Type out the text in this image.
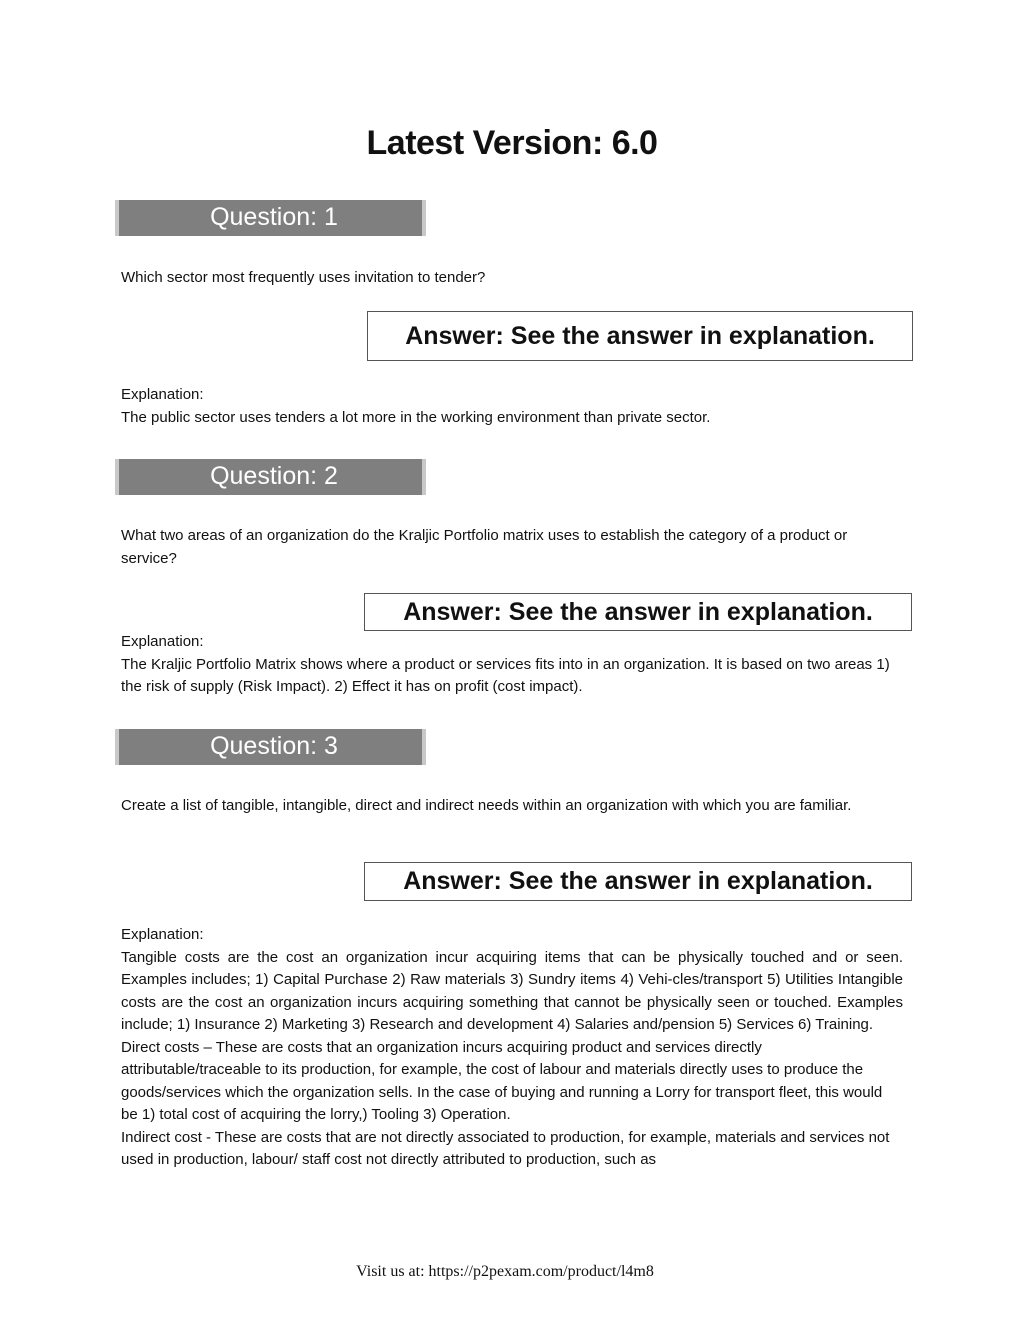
Latest Version: 6.0
Question: 1
Which sector most frequently uses invitation to tender?
Answer: See the answer in explanation.
Explanation:
The public sector uses tenders a lot more in the working environment than private sector.
Question: 2
What two areas of an organization do the Kraljic Portfolio matrix uses to establish the category of a product or service?
Answer: See the answer in explanation.
Explanation:
The Kraljic Portfolio Matrix shows where a product or services fits into in an organization. It is based on two areas 1) the risk of supply (Risk Impact). 2) Effect it has on profit (cost impact).
Question: 3
Create a list of tangible, intangible, direct and indirect needs within an organization with which you are familiar.
Answer: See the answer in explanation.
Explanation:
Tangible costs are the cost an organization incur acquiring items that can be physically touched and or seen. Examples includes; 1) Capital Purchase 2) Raw materials 3) Sundry items 4) Vehi-cles/transport 5) Utilities Intangible costs are the cost an organization incurs acquiring something that cannot be physically seen or touched. Examples include; 1) Insurance 2) Marketing 3) Research and development 4) Salaries and/pension 5) Services 6) Training.
Direct costs – These are costs that an organization incurs acquiring product and services directly attributable/traceable to its production, for example, the cost of labour and materials directly uses to produce the goods/services which the organization sells. In the case of buying and running a Lorry for transport fleet, this would be 1) total cost of acquiring the lorry,) Tooling 3) Operation.
Indirect cost - These are costs that are not directly associated to production, for example, materials and services not used in production, labour/ staff cost not directly attributed to production, such as
Visit us at: https://p2pexam.com/product/l4m8
